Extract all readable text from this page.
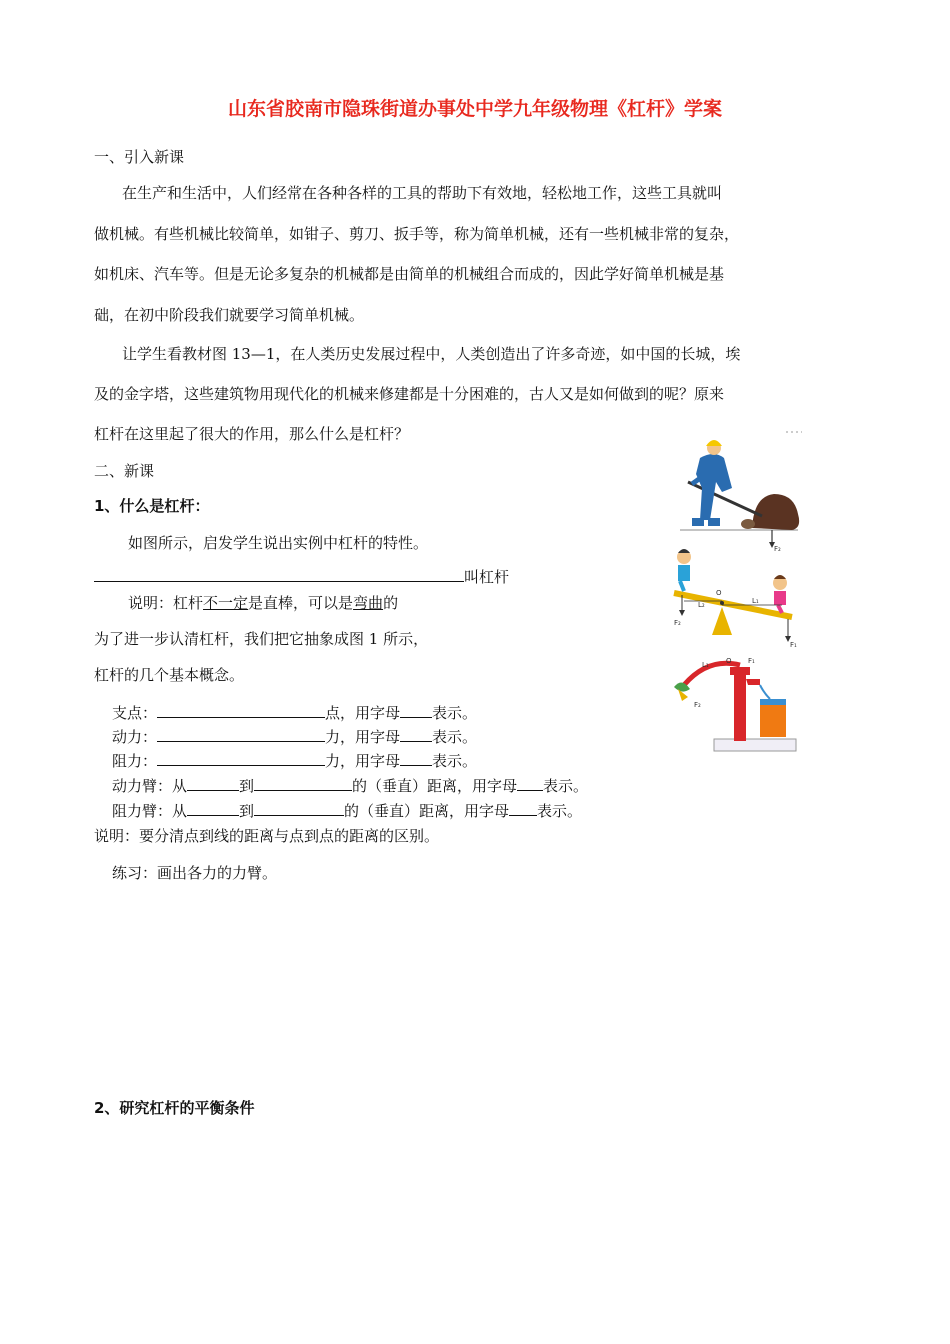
山东省胶南市隐珠街道办事处中学九年级物理《杠杆》学案
一、引入新课
在生产和生活中，人们经常在各种各样的工具的帮助下有效地，轻松地工作，这些工具就叫
做机械。有些机械比较简单，如钳子、剪刀、扳手等，称为简单机械，还有一些机械非常的复杂，
如机床、汽车等。但是无论多复杂的机械都是由简单的机械组合而成的，因此学好简单机械是基
础，在初中阶段我们就要学习简单机械。
让学生看教材图 13—1，在人类历史发展过程中，人类创造出了许多奇迹，如中国的长城，埃
及的金字塔，这些建筑物用现代化的机械来修建都是十分困难的，古人又是如何做到的呢？原来
杠杆在这里起了很大的作用，那么什么是杠杆？
二、新课
1、什么是杠杆：
如图所示，启发学生说出实例中杠杆的特性。
叫杠杆
说明：杠杆不一定是直棒，可以是弯曲的
为了进一步认清杠杆，我们把它抽象成图 1 所示，
杠杆的几个基本概念。
支点：	点，用字母 表示。
动力：	力，用字母 表示。
阻力：	力，用字母 表示。
动力臂：从	到	的（垂直）距离，用字母 表示。
阻力臂：从	到	的（垂直）距离，用字母 表示。
说明：要分清点到线的距离与点到点的距离的区别。
练习：画出各力的力臂。
2、研究杠杆的平衡条件
F₂
O
L₂	L₁
F₂
F₁
O F₁
L₁
F₂
